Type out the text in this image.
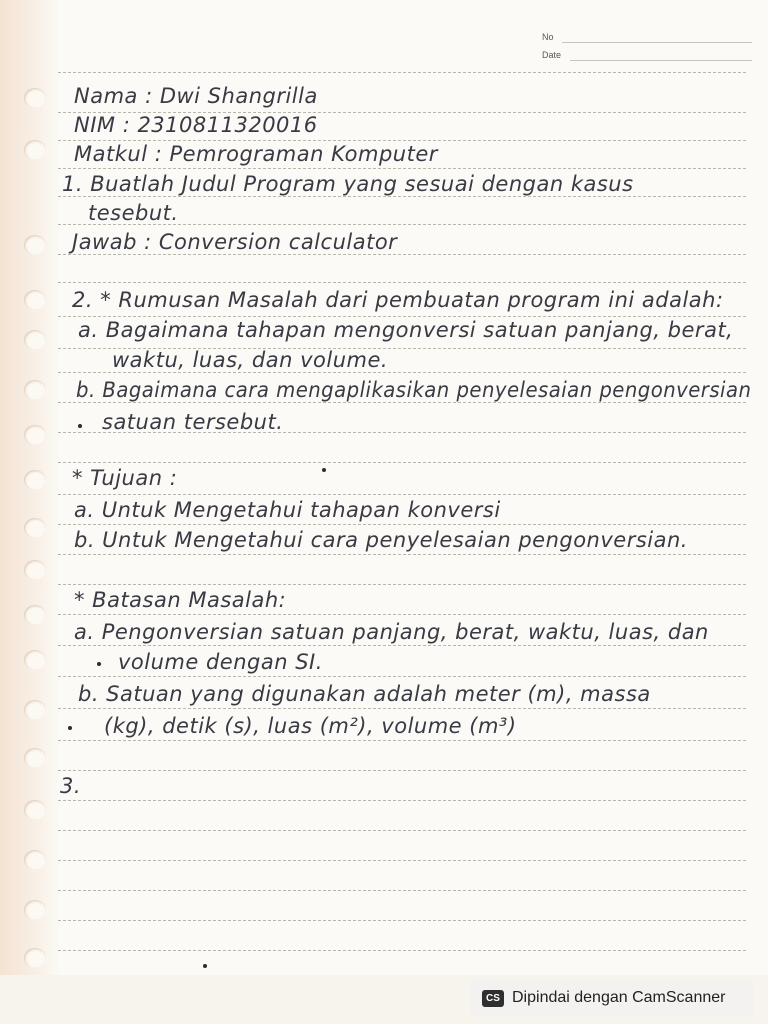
No
Date
Nama : Dwi Shangrilla
NIM : 2310811320016
Matkul : Pemrograman Komputer
1. Buatlah Judul Program yang sesuai dengan kasus
tesebut.
Jawab : Conversion calculator
2. * Rumusan Masalah dari pembuatan program ini adalah:
a. Bagaimana tahapan mengonversi satuan panjang, berat,
waktu, luas, dan volume.
b. Bagaimana cara mengaplikasikan penyelesaian pengonversian
satuan tersebut.
* Tujuan :
a. Untuk Mengetahui tahapan konversi
b. Untuk Mengetahui cara penyelesaian pengonversian.
* Batasan Masalah:
a. Pengonversian satuan panjang, berat, waktu, luas, dan
volume dengan SI.
b. Satuan yang digunakan adalah meter (m), massa
(kg), detik (s), luas (m²), volume (m³)
3.
CS Dipindai dengan CamScanner
